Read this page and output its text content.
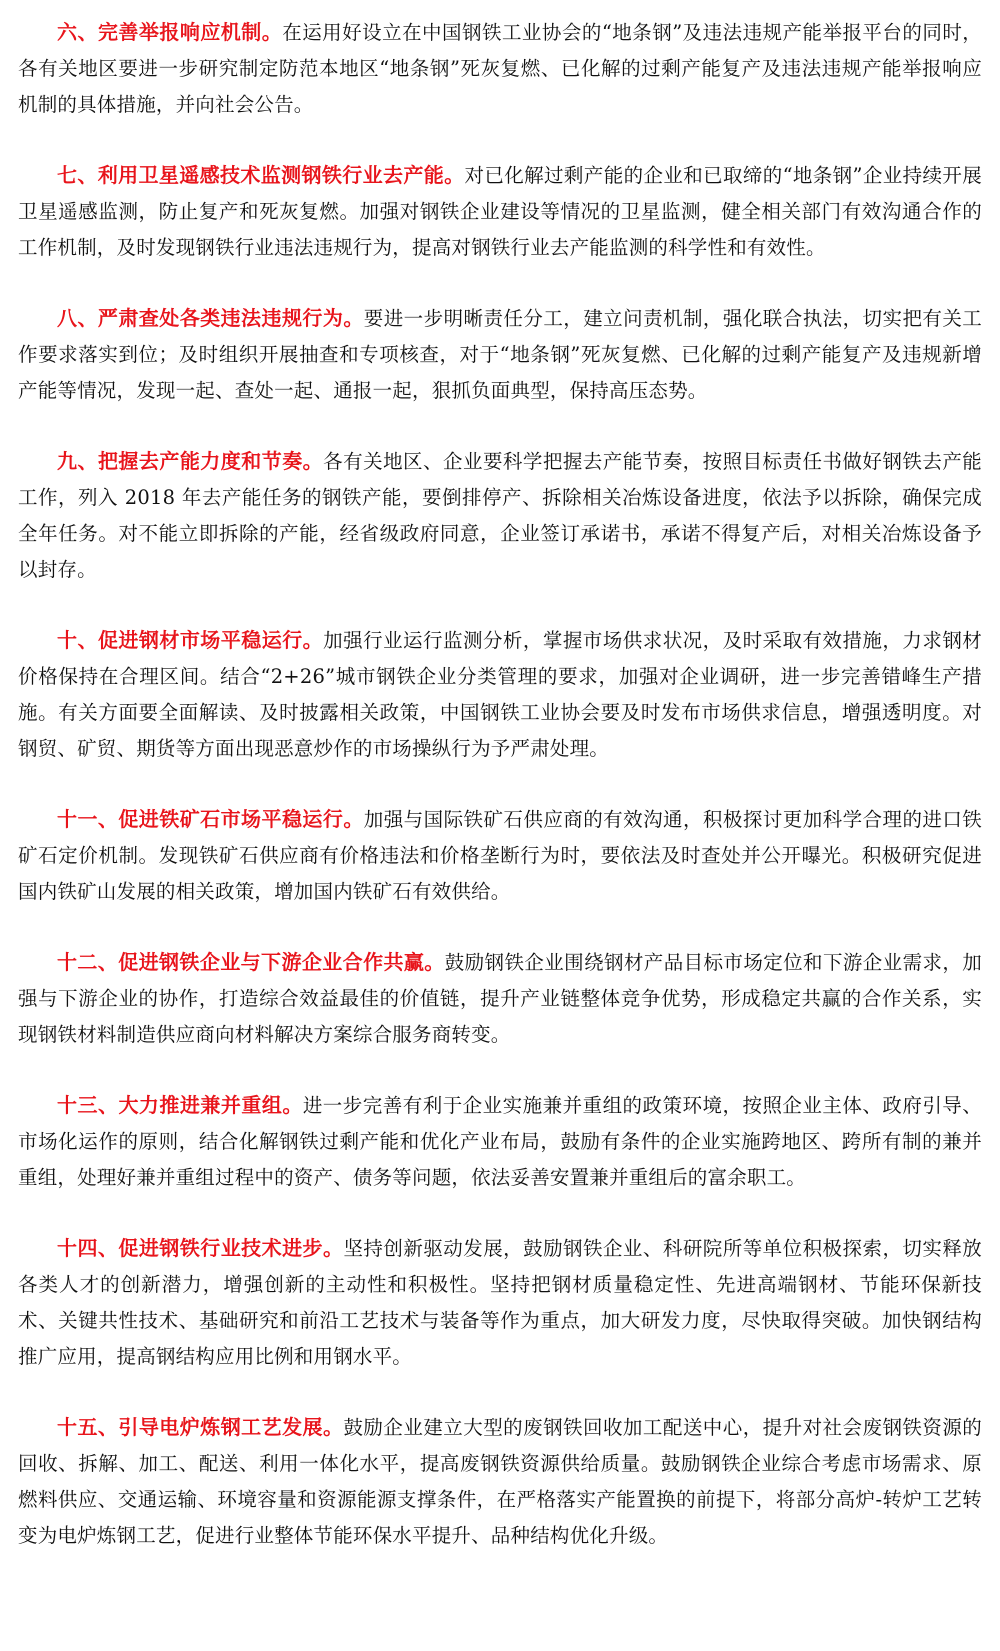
六、完善举报响应机制。在运用好设立在中国钢铁工业协会的“地条钢”及违法违规产能举报平台的同时，各有关地区要进一步研究制定防范本地区“地条钢”死灰复燃、已化解的过剩产能复产及违法违规产能举报响应机制的具体措施，并向社会公告。

七、利用卫星遥感技术监测钢铁行业去产能。对已化解过剩产能的企业和已取缔的“地条钢”企业持续开展卫星遥感监测，防止复产和死灰复燃。加强对钢铁企业建设等情况的卫星监测，健全相关部门有效沟通合作的工作机制，及时发现钢铁行业违法违规行为，提高对钢铁行业去产能监测的科学性和有效性。

八、严肃查处各类违法违规行为。要进一步明晰责任分工，建立问责机制，强化联合执法，切实把有关工作要求落实到位；及时组织开展抽查和专项核查，对于“地条钢”死灰复燃、已化解的过剩产能复产及违规新增产能等情况，发现一起、查处一起、通报一起，狠抓负面典型，保持高压态势。

九、把握去产能力度和节奏。各有关地区、企业要科学把握去产能节奏，按照目标责任书做好钢铁去产能工作，列入 2018 年去产能任务的钢铁产能，要倒排停产、拆除相关冶炼设备进度，依法予以拆除，确保完成全年任务。对不能立即拆除的产能，经省级政府同意，企业签订承诺书，承诺不得复产后，对相关冶炼设备予以封存。

十、促进钢材市场平稳运行。加强行业运行监测分析，掌握市场供求状况，及时采取有效措施，力求钢材价格保持在合理区间。结合“2+26”城市钢铁企业分类管理的要求，加强对企业调研，进一步完善错峰生产措施。有关方面要全面解读、及时披露相关政策，中国钢铁工业协会要及时发布市场供求信息，增强透明度。对钢贸、矿贸、期货等方面出现恶意炒作的市场操纵行为予严肃处理。

十一、促进铁矿石市场平稳运行。加强与国际铁矿石供应商的有效沟通，积极探讨更加科学合理的进口铁矿石定价机制。发现铁矿石供应商有价格违法和价格垄断行为时，要依法及时查处并公开曝光。积极研究促进国内铁矿山发展的相关政策，增加国内铁矿石有效供给。

十二、促进钢铁企业与下游企业合作共赢。鼓励钢铁企业围绕钢材产品目标市场定位和下游企业需求，加强与下游企业的协作，打造综合效益最佳的价值链，提升产业链整体竞争优势，形成稳定共赢的合作关系，实现钢铁材料制造供应商向材料解决方案综合服务商转变。

十三、大力推进兼并重组。进一步完善有利于企业实施兼并重组的政策环境，按照企业主体、政府引导、市场化运作的原则，结合化解钢铁过剩产能和优化产业布局，鼓励有条件的企业实施跨地区、跨所有制的兼并重组，处理好兼并重组过程中的资产、债务等问题，依法妥善安置兼并重组后的富余职工。

十四、促进钢铁行业技术进步。坚持创新驱动发展，鼓励钢铁企业、科研院所等单位积极探索，切实释放各类人才的创新潜力，增强创新的主动性和积极性。坚持把钢材质量稳定性、先进高端钢材、节能环保新技术、关键共性技术、基础研究和前沿工艺技术与装备等作为重点，加大研发力度，尽快取得突破。加快钢结构推广应用，提高钢结构应用比例和用钢水平。

十五、引导电炉炼钢工艺发展。鼓励企业建立大型的废钢铁回收加工配送中心，提升对社会废钢铁资源的回收、拆解、加工、配送、利用一体化水平，提高废钢铁资源供给质量。鼓励钢铁企业综合考虑市场需求、原燃料供应、交通运输、环境容量和资源能源支撑条件，在严格落实产能置换的前提下，将部分高炉-转炉工艺转变为电炉炼钢工艺，促进行业整体节能环保水平提升、品种结构优化升级。
